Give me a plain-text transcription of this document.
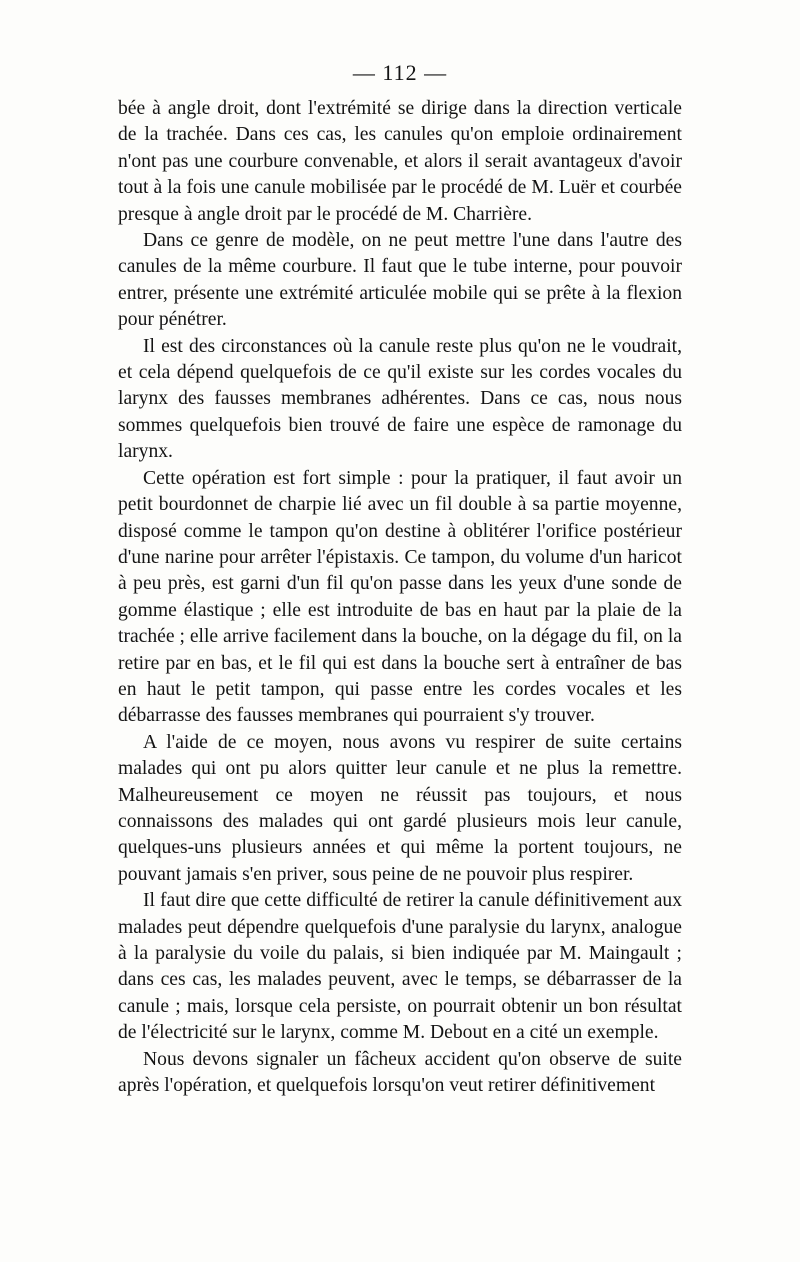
— 112 —

bée à angle droit, dont l'extrémité se dirige dans la direction verticale de la trachée. Dans ces cas, les canules qu'on emploie ordinairement n'ont pas une courbure convenable, et alors il serait avantageux d'avoir tout à la fois une canule mobilisée par le procédé de M. Luër et courbée presque à angle droit par le procédé de M. Charrière.

Dans ce genre de modèle, on ne peut mettre l'une dans l'autre des canules de la même courbure. Il faut que le tube interne, pour pouvoir entrer, présente une extrémité articulée mobile qui se prête à la flexion pour pénétrer.

Il est des circonstances où la canule reste plus qu'on ne le voudrait, et cela dépend quelquefois de ce qu'il existe sur les cordes vocales du larynx des fausses membranes adhérentes. Dans ce cas, nous nous sommes quelquefois bien trouvé de faire une espèce de ramonage du larynx.

Cette opération est fort simple : pour la pratiquer, il faut avoir un petit bourdonnet de charpie lié avec un fil double à sa partie moyenne, disposé comme le tampon qu'on destine à oblitérer l'orifice postérieur d'une narine pour arrêter l'épistaxis. Ce tampon, du volume d'un haricot à peu près, est garni d'un fil qu'on passe dans les yeux d'une sonde de gomme élastique ; elle est introduite de bas en haut par la plaie de la trachée ; elle arrive facilement dans la bouche, on la dégage du fil, on la retire par en bas, et le fil qui est dans la bouche sert à entraîner de bas en haut le petit tampon, qui passe entre les cordes vocales et les débarrasse des fausses membranes qui pourraient s'y trouver.

A l'aide de ce moyen, nous avons vu respirer de suite certains malades qui ont pu alors quitter leur canule et ne plus la remettre. Malheureusement ce moyen ne réussit pas toujours, et nous connaissons des malades qui ont gardé plusieurs mois leur canule, quelques-uns plusieurs années et qui même la portent toujours, ne pouvant jamais s'en priver, sous peine de ne pouvoir plus respirer.

Il faut dire que cette difficulté de retirer la canule définitivement aux malades peut dépendre quelquefois d'une paralysie du larynx, analogue à la paralysie du voile du palais, si bien indiquée par M. Maingault ; dans ces cas, les malades peuvent, avec le temps, se débarrasser de la canule ; mais, lorsque cela persiste, on pourrait obtenir un bon résultat de l'électricité sur le larynx, comme M. Debout en a cité un exemple.

Nous devons signaler un fâcheux accident qu'on observe de suite après l'opération, et quelquefois lorsqu'on veut retirer définitivement
